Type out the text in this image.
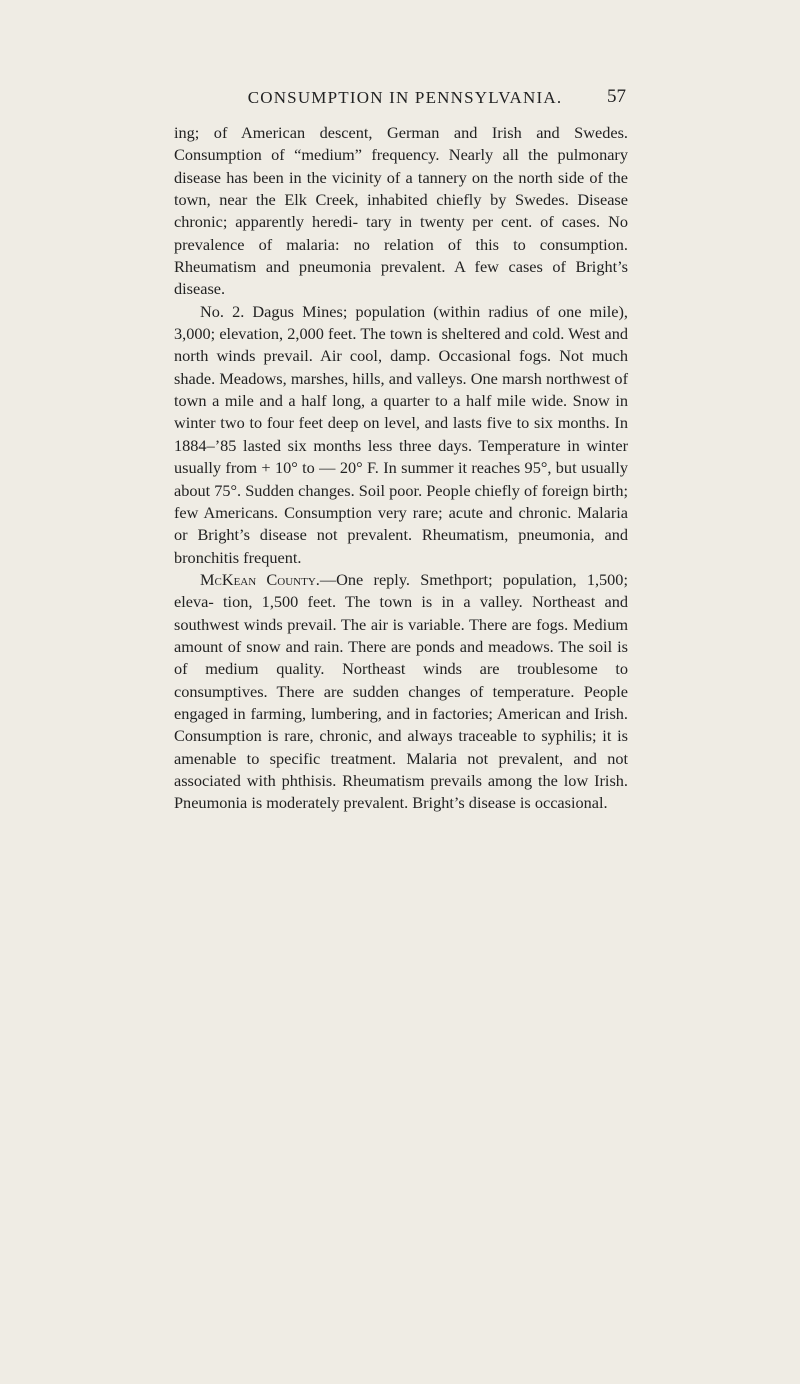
CONSUMPTION IN PENNSYLVANIA.	57

ing; of American descent, German and Irish and Swedes. Consumption of “medium” frequency. Nearly all the pulmonary disease has been in the vicinity of a tannery on the north side of the town, near the Elk Creek, inhabited chiefly by Swedes. Disease chronic; apparently heredi- tary in twenty per cent. of cases. No prevalence of malaria: no relation of this to consumption. Rheumatism and pneumonia prevalent. A few cases of Bright’s disease.

No. 2. Dagus Mines; population (within radius of one mile), 3,000; elevation, 2,000 feet. The town is sheltered and cold. West and north winds prevail. Air cool, damp. Occasional fogs. Not much shade. Meadows, marshes, hills, and valleys. One marsh northwest of town a mile and a half long, a quarter to a half mile wide. Snow in winter two to four feet deep on level, and lasts five to six months. In 1884–’85 lasted six months less three days. Temperature in winter usually from + 10° to — 20° F. In summer it reaches 95°, but usually about 75°. Sudden changes. Soil poor. People chiefly of foreign birth; few Americans. Consumption very rare; acute and chronic. Malaria or Bright’s disease not prevalent. Rheumatism, pneumonia, and bronchitis frequent.

McKean County.—One reply. Smethport; population, 1,500; eleva- tion, 1,500 feet. The town is in a valley. Northeast and southwest winds prevail. The air is variable. There are fogs. Medium amount of snow and rain. There are ponds and meadows. The soil is of medium quality. Northeast winds are troublesome to consumptives. There are sudden changes of temperature. People engaged in farming, lumbering, and in factories; American and Irish. Consumption is rare, chronic, and always traceable to syphilis; it is amenable to specific treatment. Malaria not prevalent, and not associated with phthisis. Rheumatism prevails among the low Irish. Pneumonia is moderately prevalent. Bright’s disease is occasional.
